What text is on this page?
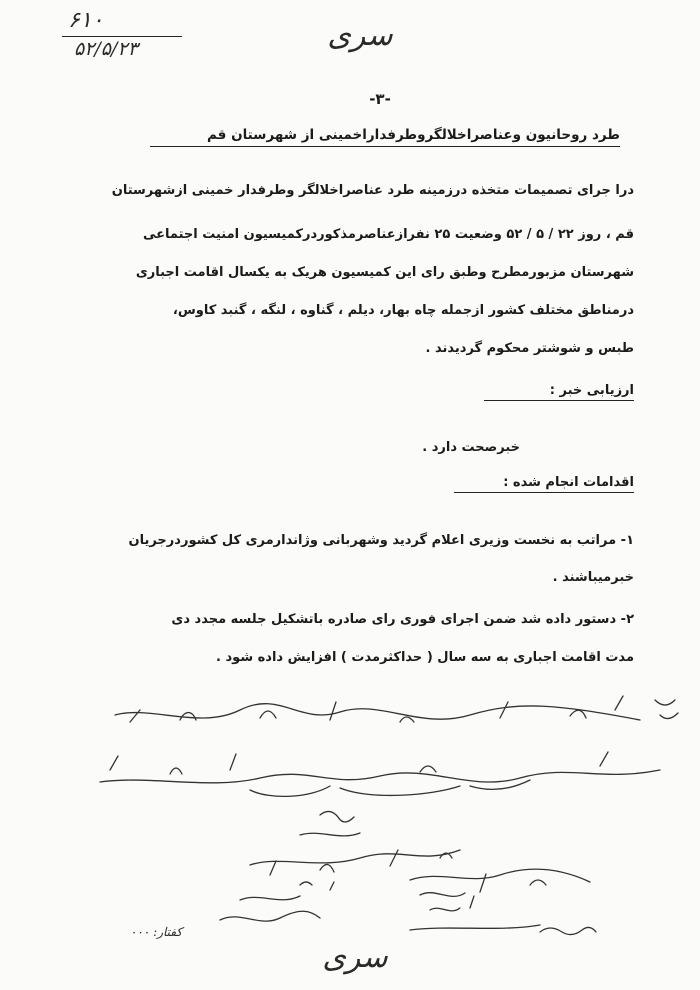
۶۱۰
۵۲/۵/۲۳	سری
-۳-
طرد روحانیون وعناصراخلالگروطرفداراخمینی از شهرستان قم
درا جرای تصمیمات متخذه درزمینه طرد عناصراخلالگر وطرفدار خمینی ازشهرستان
قم ، روز ۲۲ / ۵ / ۵۲ وضعیت ۲۵ نفرازعناصرمذکوردرکمیسیون امنیت اجتماعی
شهرستان مزبورمطرح وطبق رای این کمیسیون هریک به یکسال اقامت اجباری
درمناطق مختلف کشور ازجمله چاه بهار، دیلم ، گناوه ، لنگه ، گنبد کاوس،
طبس و شوشتر محکوم گردیدند .
ارزیابی خبر :
خبرصحت دارد .
اقدامات انجام شده :
۱- مراتب به نخست وزیری اعلام گردید وشهربانی وژاندارمری کل کشوردرجریان
خبرمیباشند .
۲- دستور داده شد ضمن اجرای فوری رای صادره باتشکیل جلسه مجدد دی
مدت اقامت اجباری به سه سال ( حداکثرمدت ) افزایش داده شود .
کفتار: ۰۰۰
سری
